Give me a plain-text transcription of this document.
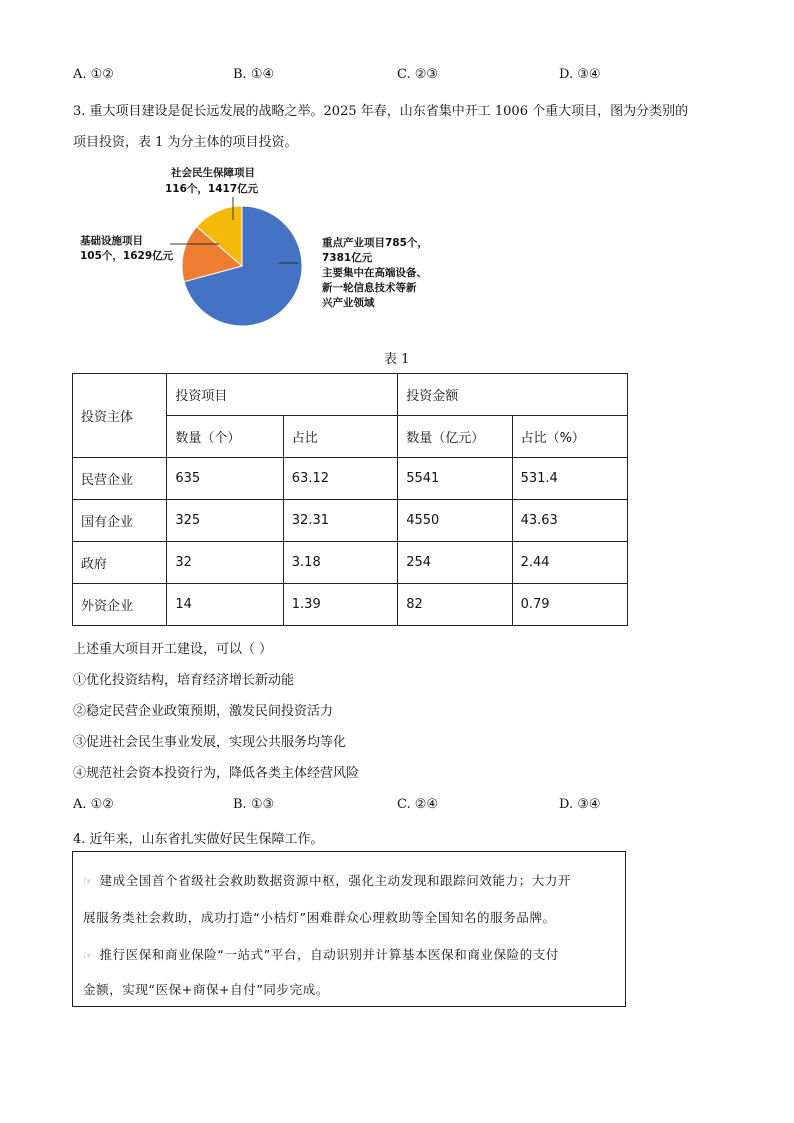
A. ①②	B. ①④	C. ②③	D. ③④
3. 重大项目建设是促长远发展的战略之举。2025 年春，山东省集中开工 1006 个重大项目，图为分类别的
项目投资，表 1 为分主体的项目投资。
社会民生保障项目
116个，1417亿元
基础设施项目
105个，1629亿元
重点产业项目785个，
7381亿元
主要集中在高端设备、
新一轮信息技术等新
兴产业领域
表 1
投资主体	投资项目		投资金额	
	数量（个）	占比	数量（亿元）	占比（%）
民营企业	635	63.12	5541	531.4
国有企业	325	32.31	4550	43.63
政府	32	3.18	254	2.44
外资企业	14	1.39	82	0.79
上述重大项目开工建设，可以（ ）
①优化投资结构，培育经济增长新动能
②稳定民营企业政策预期，激发民间投资活力
③促进社会民生事业发展，实现公共服务均等化
④规范社会资本投资行为，降低各类主体经营风险
A. ①②	B. ①③	C. ②④	D. ③④
4. 近年来，山东省扎实做好民生保障工作。

☞ 建成全国首个省级社会救助数据资源中枢，强化主动发现和跟踪问效能力；大力开

展服务类社会救助，成功打造“小桔灯”困难群众心理救助等全国知名的服务品牌。

☞ 推行医保和商业保险“一站式”平台，自动识别并计算基本医保和商业保险的支付

金额，实现“医保+商保+自付”同步完成。
